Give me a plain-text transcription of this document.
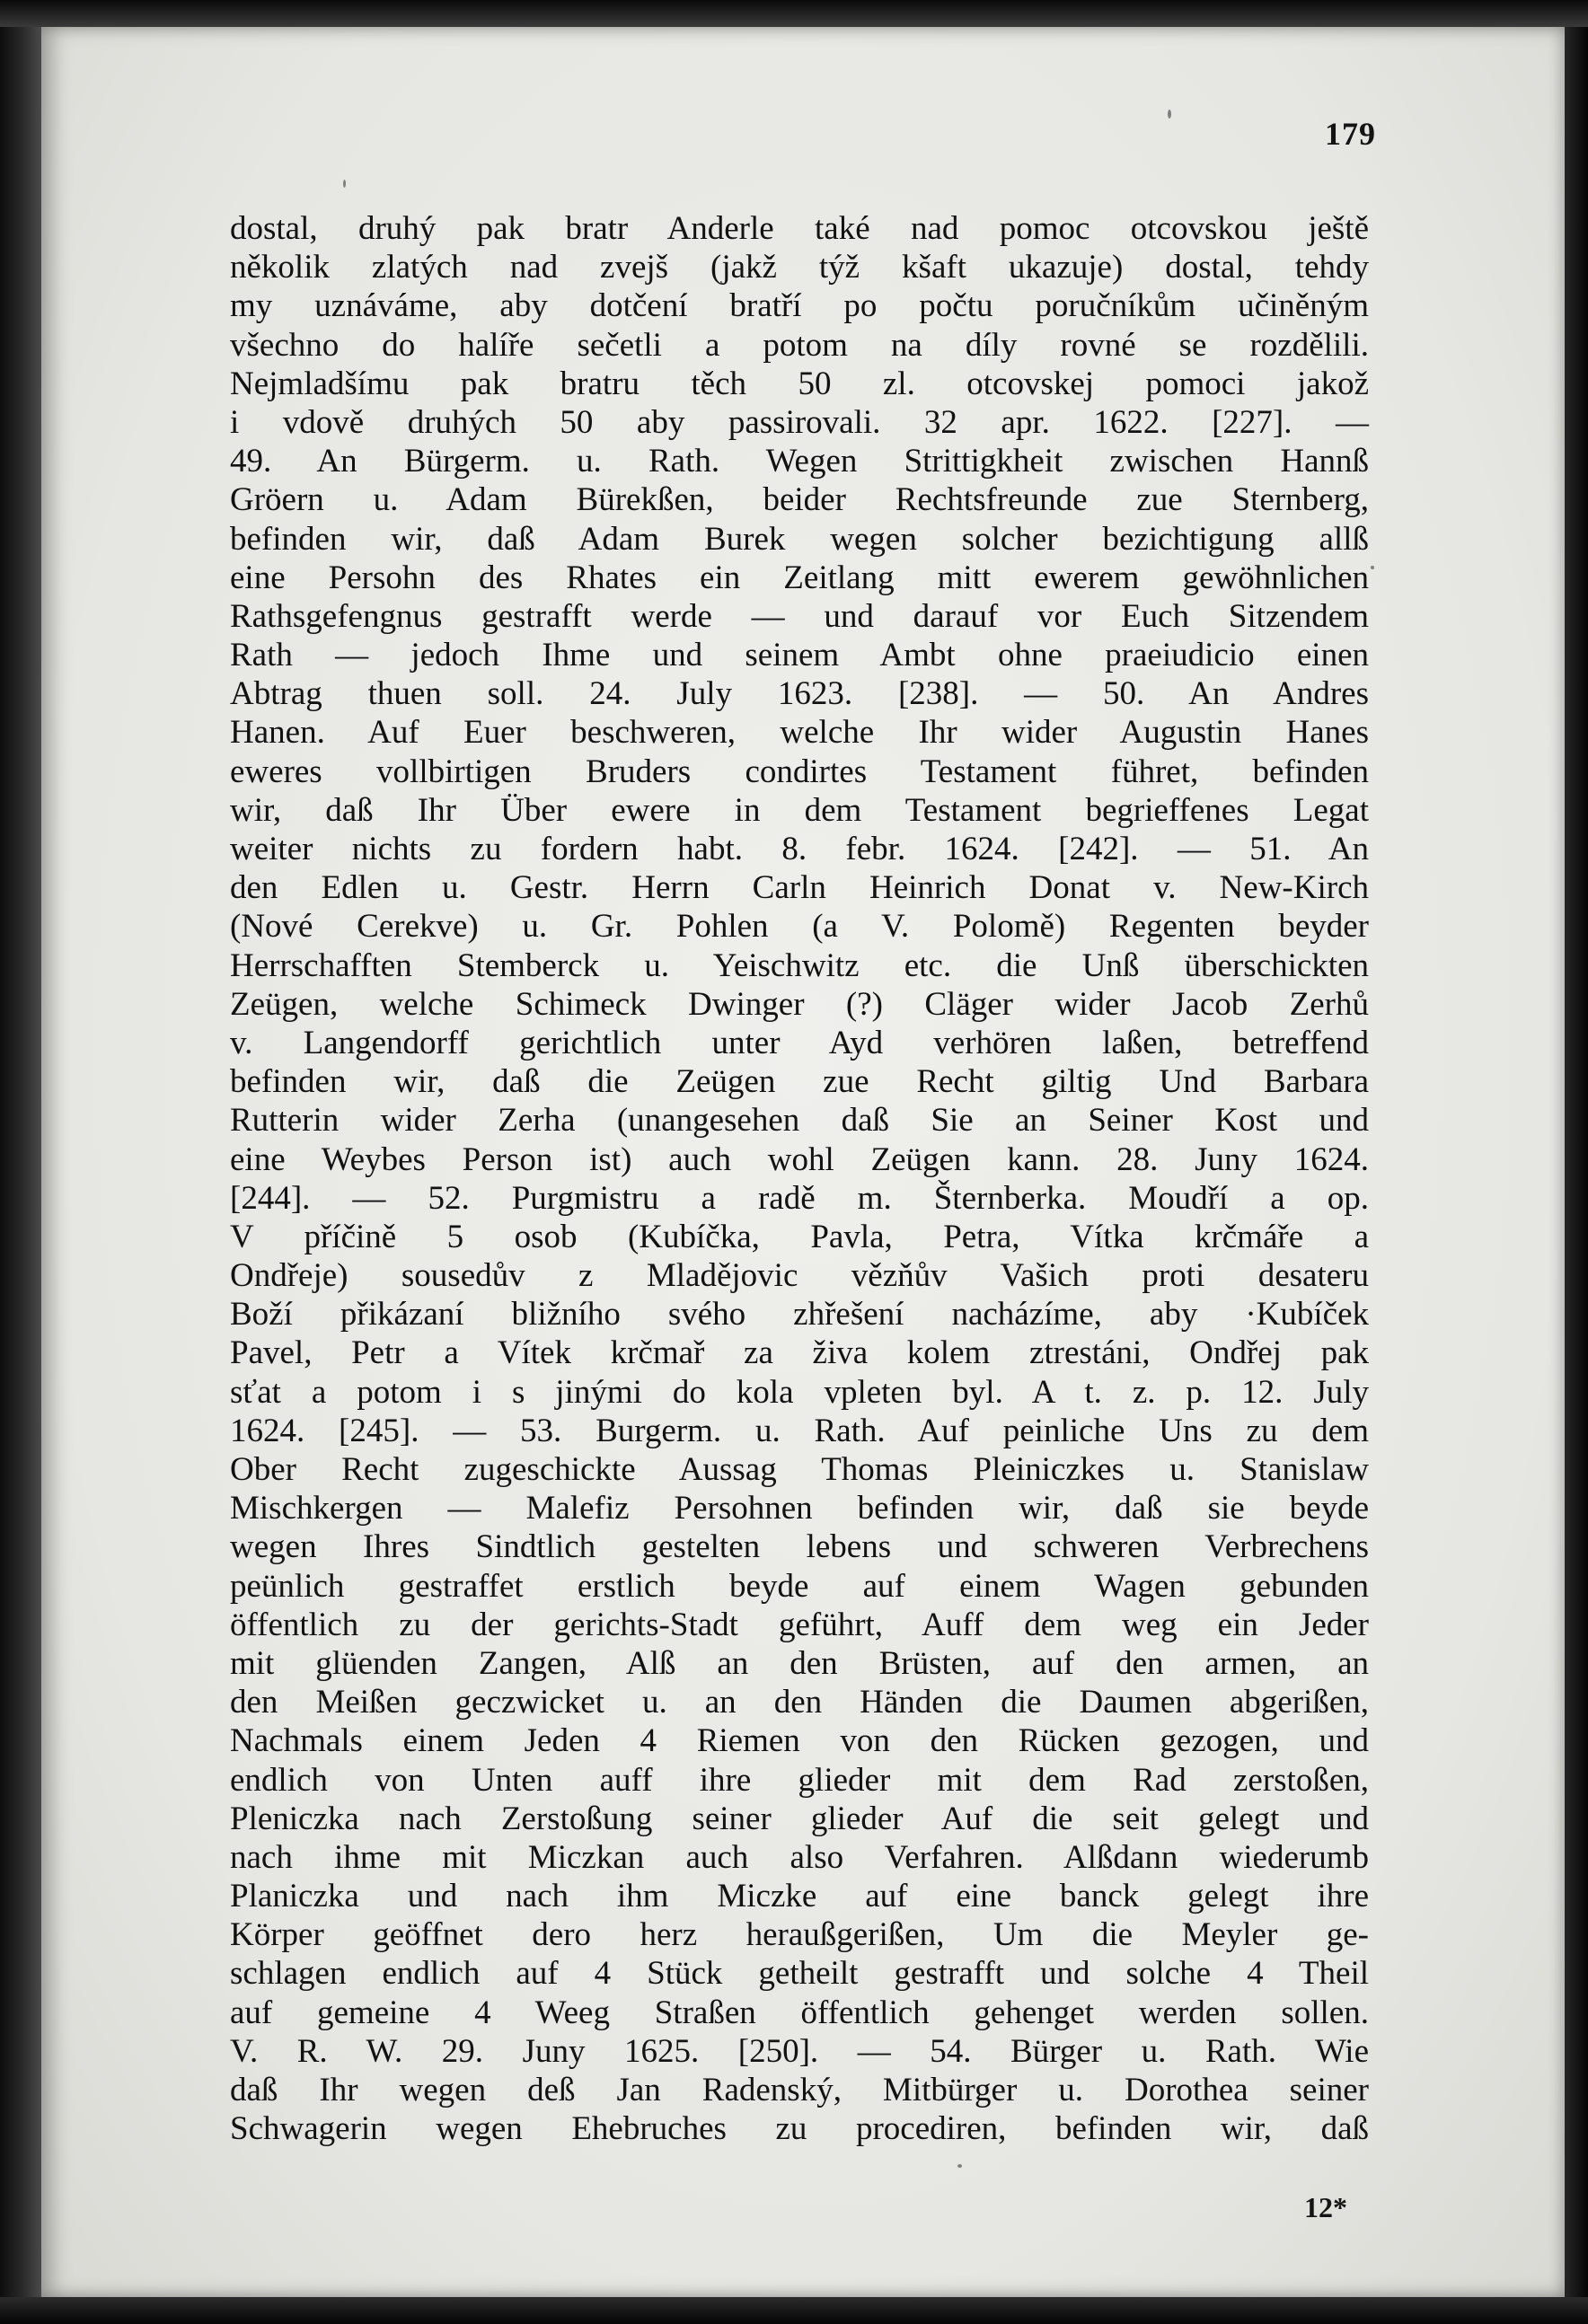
179
dostal, druhý pak bratr Anderle také nad pomoc otcovskou ještě
několik zlatých nad zvejš (jakž týž kšaft ukazuje) dostal, tehdy
my uznáváme, aby dotčení bratří po počtu poručníkům učiněným
všechno do halíře sečetli a potom na díly rovné se rozdělili.
Nejmladšímu pak bratru těch 50 zl. otcovskej pomoci jakož
i vdově druhých 50 aby passirovali. 32 apr. 1622. [227]. —
49. An Bürgerm. u. Rath. Wegen Strittigkheit zwischen Hannß
Gröern u. Adam Bürekßen, beider Rechtsfreunde zue Sternberg,
befinden wir, daß Adam Burek wegen solcher bezichtigung allß
eine Persohn des Rhates ein Zeitlang mitt ewerem gewöhnlichen
Rathsgefengnus gestrafft werde — und darauf vor Euch Sitzendem
Rath — jedoch Ihme und seinem Ambt ohne praeiudicio einen
Abtrag thuen soll. 24. July 1623. [238]. — 50. An Andres
Hanen. Auf Euer beschweren, welche Ihr wider Augustin Hanes
eweres vollbirtigen Bruders condirtes Testament führet, befinden
wir, daß Ihr Über ewere in dem Testament begrieffenes Legat
weiter nichts zu fordern habt. 8. febr. 1624. [242]. — 51. An
den Edlen u. Gestr. Herrn Carln Heinrich Donat v. New-Kirch
(Nové Cerekve) u. Gr. Pohlen (a V. Polomě) Regenten beyder
Herrschafften Stemberck u. Yeischwitz etc. die Unß überschickten
Zeügen, welche Schimeck Dwinger (?) Cläger wider Jacob Zerhů
v. Langendorff gerichtlich unter Ayd verhören laßen, betreffend
befinden wir, daß die Zeügen zue Recht giltig Und Barbara
Rutterin wider Zerha (unangesehen daß Sie an Seiner Kost und
eine Weybes Person ist) auch wohl Zeügen kann. 28. Juny 1624.
[244]. — 52. Purgmistru a radě m. Šternberka. Moudří a op.
V příčině 5 osob (Kubíčka, Pavla, Petra, Vítka krčmáře a
Ondřeje) sousedův z Mladějovic vězňův Vašich proti desateru
Boží přikázaní bližního svého zhřešení nacházíme, aby ·Kubíček
Pavel, Petr a Vítek krčmař za živa kolem ztrestáni, Ondřej pak
sťat a potom i s jinými do kola vpleten byl. A t. z. p. 12. July
1624. [245]. — 53. Burgerm. u. Rath. Auf peinliche Uns zu dem
Ober Recht zugeschickte Aussag Thomas Pleiniczkes u. Stanislaw
Mischkergen — Malefiz Persohnen befinden wir, daß sie beyde
wegen Ihres Sindtlich gestelten lebens und schweren Verbrechens
peünlich gestraffet erstlich beyde auf einem Wagen gebunden
öffentlich zu der gerichts-Stadt geführt, Auff dem weg ein Jeder
mit glüenden Zangen, Alß an den Brüsten, auf den armen, an
den Meißen geczwicket u. an den Händen die Daumen abgerißen,
Nachmals einem Jeden 4 Riemen von den Rücken gezogen, und
endlich von Unten auff ihre glieder mit dem Rad zerstoßen,
Pleniczka nach Zerstoßung seiner glieder Auf die seit gelegt und
nach ihme mit Miczkan auch also Verfahren. Alßdann wiederumb
Planiczka und nach ihm Miczke auf eine banck gelegt ihre
Körper geöffnet dero herz heraußgerißen, Um die Meyler ge-
schlagen endlich auf 4 Stück getheilt gestrafft und solche 4 Theil
auf gemeine 4 Weeg Straßen öffentlich gehenget werden sollen.
V. R. W. 29. Juny 1625. [250]. — 54. Bürger u. Rath. Wie
daß Ihr wegen deß Jan Radenský, Mitbürger u. Dorothea seiner
Schwagerin wegen Ehebruches zu procediren, befinden wir, daß
12*
